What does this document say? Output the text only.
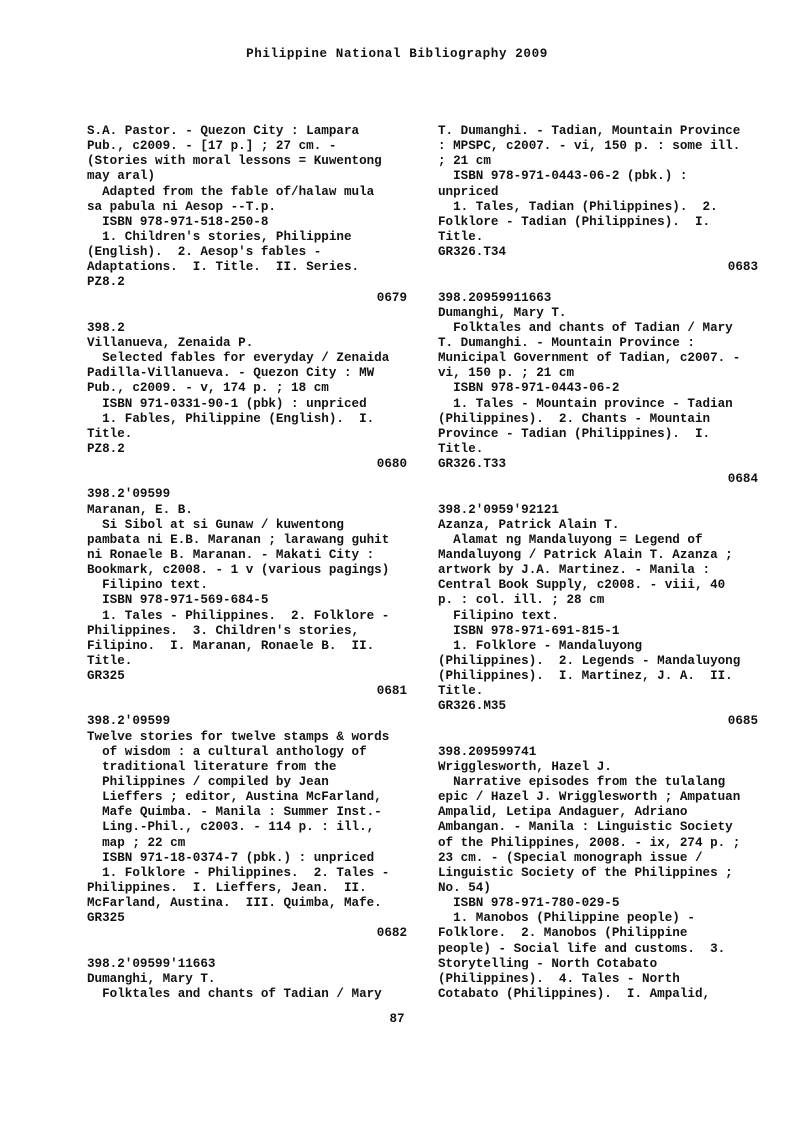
Philippine National Bibliography 2009
S.A. Pastor. - Quezon City : Lampara
Pub., c2009. - [17 p.] ; 27 cm. -
(Stories with moral lessons = Kuwentong
may aral)
Adapted from the fable of/halaw mula
sa pabula ni Aesop --T.p.
ISBN 978-971-518-250-8
1. Children's stories, Philippine
(English).  2. Aesop's fables -
Adaptations.  I. Title.  II. Series.
PZ8.2
0679
398.2
Villanueva, Zenaida P.
Selected fables for everyday / Zenaida
Padilla-Villanueva. - Quezon City : MW
Pub., c2009. - v, 174 p. ; 18 cm
ISBN 971-0331-90-1 (pbk) : unpriced
1. Fables, Philippine (English).  I.
Title.
PZ8.2
0680
398.2'09599
Maranan, E. B.
Si Sibol at si Gunaw / kuwentong
pambata ni E.B. Maranan ; larawang guhit
ni Ronaele B. Maranan. - Makati City :
Bookmark, c2008. - 1 v (various pagings)
Filipino text.
ISBN 978-971-569-684-5
1. Tales - Philippines.  2. Folklore -
Philippines.  3. Children's stories,
Filipino.  I. Maranan, Ronaele B.  II.
Title.
GR325
0681
398.2'09599
Twelve stories for twelve stamps & words
of wisdom : a cultural anthology of
traditional literature from the
Philippines / compiled by Jean
Lieffers ; editor, Austina McFarland,
Mafe Quimba. - Manila : Summer Inst.-
Ling.-Phil., c2003. - 114 p. : ill.,
map ; 22 cm
ISBN 971-18-0374-7 (pbk.) : unpriced
1. Folklore - Philippines.  2. Tales -
Philippines.  I. Lieffers, Jean.  II.
McFarland, Austina.  III. Quimba, Mafe.
GR325
0682
398.2'09599'11663
Dumanghi, Mary T.
Folktales and chants of Tadian / Mary
T. Dumanghi. - Tadian, Mountain Province
: MPSPC, c2007. - vi, 150 p. : some ill.
; 21 cm
ISBN 978-971-0443-06-2 (pbk.) :
unpriced
1. Tales, Tadian (Philippines).  2.
Folklore - Tadian (Philippines).  I.
Title.
GR326.T34
0683
398.20959911663
Dumanghi, Mary T.
Folktales and chants of Tadian / Mary
T. Dumanghi. - Mountain Province :
Municipal Government of Tadian, c2007. -
vi, 150 p. ; 21 cm
ISBN 978-971-0443-06-2
1. Tales - Mountain province - Tadian
(Philippines).  2. Chants - Mountain
Province - Tadian (Philippines).  I.
Title.
GR326.T33
0684
398.2'0959'92121
Azanza, Patrick Alain T.
Alamat ng Mandaluyong = Legend of
Mandaluyong / Patrick Alain T. Azanza ;
artwork by J.A. Martinez. - Manila :
Central Book Supply, c2008. - viii, 40
p. : col. ill. ; 28 cm
Filipino text.
ISBN 978-971-691-815-1
1. Folklore - Mandaluyong
(Philippines).  2. Legends - Mandaluyong
(Philippines).  I. Martinez, J. A.  II.
Title.
GR326.M35
0685
398.209599741
Wrigglesworth, Hazel J.
Narrative episodes from the tulalang
epic / Hazel J. Wrigglesworth ; Ampatuan
Ampalid, Letipa Andaguer, Adriano
Ambangan. - Manila : Linguistic Society
of the Philippines, 2008. - ix, 274 p. ;
23 cm. - (Special monograph issue /
Linguistic Society of the Philippines ;
No. 54)
ISBN 978-971-780-029-5
1. Manobos (Philippine people) -
Folklore.  2. Manobos (Philippine
people) - Social life and customs.  3.
Storytelling - North Cotabato
(Philippines).  4. Tales - North
Cotabato (Philippines).  I. Ampalid,
87
